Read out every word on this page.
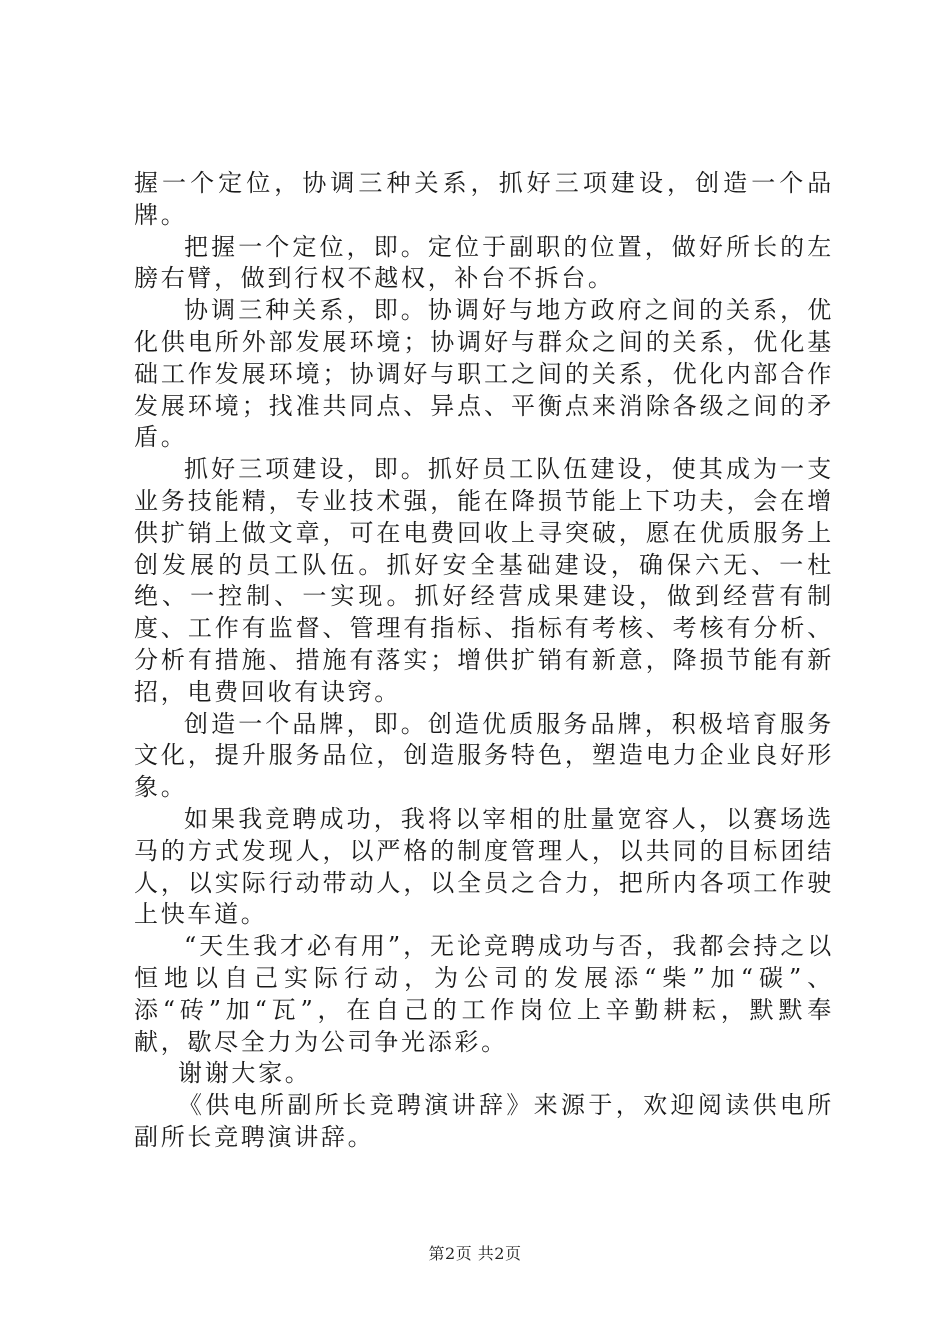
握一个定位，协调三种关系，抓好三项建设，创造一个品牌。

把握一个定位，即。定位于副职的位置，做好所长的左膀右臂，做到行权不越权，补台不拆台。

协调三种关系，即。协调好与地方政府之间的关系，优化供电所外部发展环境；协调好与群众之间的关系，优化基础工作发展环境；协调好与职工之间的关系，优化内部合作发展环境；找准共同点、异点、平衡点来消除各级之间的矛盾。

抓好三项建设，即。抓好员工队伍建设，使其成为一支业务技能精，专业技术强，能在降损节能上下功夫，会在增供扩销上做文章，可在电费回收上寻突破，愿在优质服务上创发展的员工队伍。抓好安全基础建设，确保六无、一杜绝、一控制、一实现。抓好经营成果建设，做到经营有制度、工作有监督、管理有指标、指标有考核、考核有分析、分析有措施、措施有落实；增供扩销有新意，降损节能有新招，电费回收有诀窍。

创造一个品牌，即。创造优质服务品牌，积极培育服务文化，提升服务品位，创造服务特色，塑造电力企业良好形象。

如果我竞聘成功，我将以宰相的肚量宽容人，以赛场选马的方式发现人，以严格的制度管理人，以共同的目标团结人，以实际行动带动人，以全员之合力，把所内各项工作驶上快车道。

“天生我才必有用”，无论竞聘成功与否，我都会持之以恒地以自己实际行动，为公司的发展添“柴”加“碳”、添“砖”加“瓦”，在自己的工作岗位上辛勤耕耘，默默奉献，歇尽全力为公司争光添彩。

谢谢大家。

《供电所副所长竞聘演讲辞》来源于，欢迎阅读供电所副所长竞聘演讲辞。

第2页 共2页
